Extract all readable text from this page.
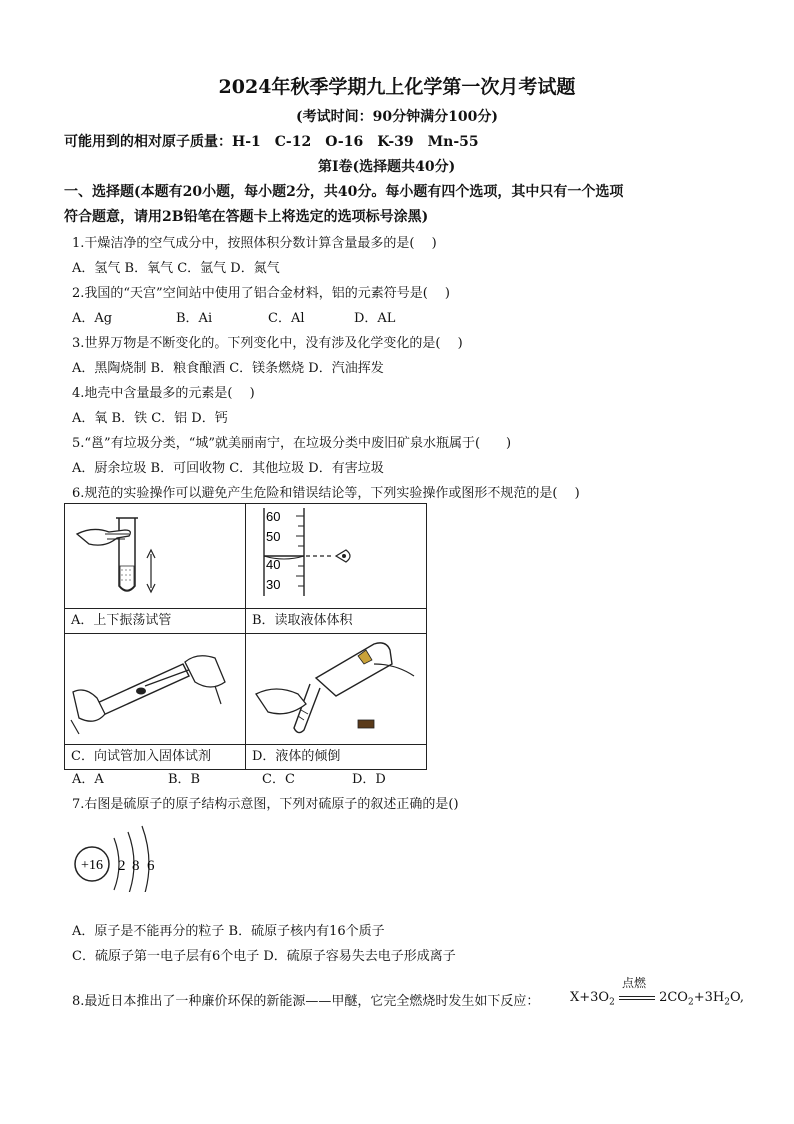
2024年秋季学期九上化学第一次月考试题
(考试时间：90分钟满分100分)
可能用到的相对原子质量：H-1　C-12　O-16　K-39　Mn-55
第Ⅰ卷(选择题共40分)
一、选择题(本题有20小题，每小题2分，共40分。每小题有四个选项，其中只有一个选项
符合题意，请用2B铅笔在答题卡上将选定的选项标号涂黑)
1.干燥洁净的空气成分中，按照体积分数计算含量最多的是(　 )
A．氢气 B．氧气 C．氩气 D．氮气
2.我国的“天宫”空间站中使用了铝合金材料，铝的元素符号是(　 )
A．Ag	B．Ai	C．Al	D．AL
3.世界万物是不断变化的。下列变化中，没有涉及化学变化的是(　 )
A．黑陶烧制 B．粮食酿酒 C．镁条燃烧 D．汽油挥发
4.地壳中含量最多的元素是(　 )
A．氧 B．铁 C．铝 D．钙
5.“邕”有垃圾分类，“城”就美丽南宁，在垃圾分类中废旧矿泉水瓶属于(　　)
A．厨余垃圾 B．可回收物 C．其他垃圾 D．有害垃圾
6.规范的实验操作可以避免产生危险和错误结论等，下列实验操作或图形不规范的是(　 )

60
50
40
30

A．上下振荡试管	B．读取液体体积

C．向试管加入固体试剂	D．液体的倾倒
A．A	B．B	C．C	D．D
7.右图是硫原子的原子结构示意图，下列对硫原子的叙述正确的是()
+16 2 8 6
A．原子是不能再分的粒子 B．硫原子核内有16个质子
C．硫原子第一电子层有6个电子 D．硫原子容易失去电子形成离子
8.最近日本推出了一种廉价环保的新能源——甲醚，它完全燃烧时发生如下反应： $X+3O_2$
点燃
$2CO_2+3H_2O$,
